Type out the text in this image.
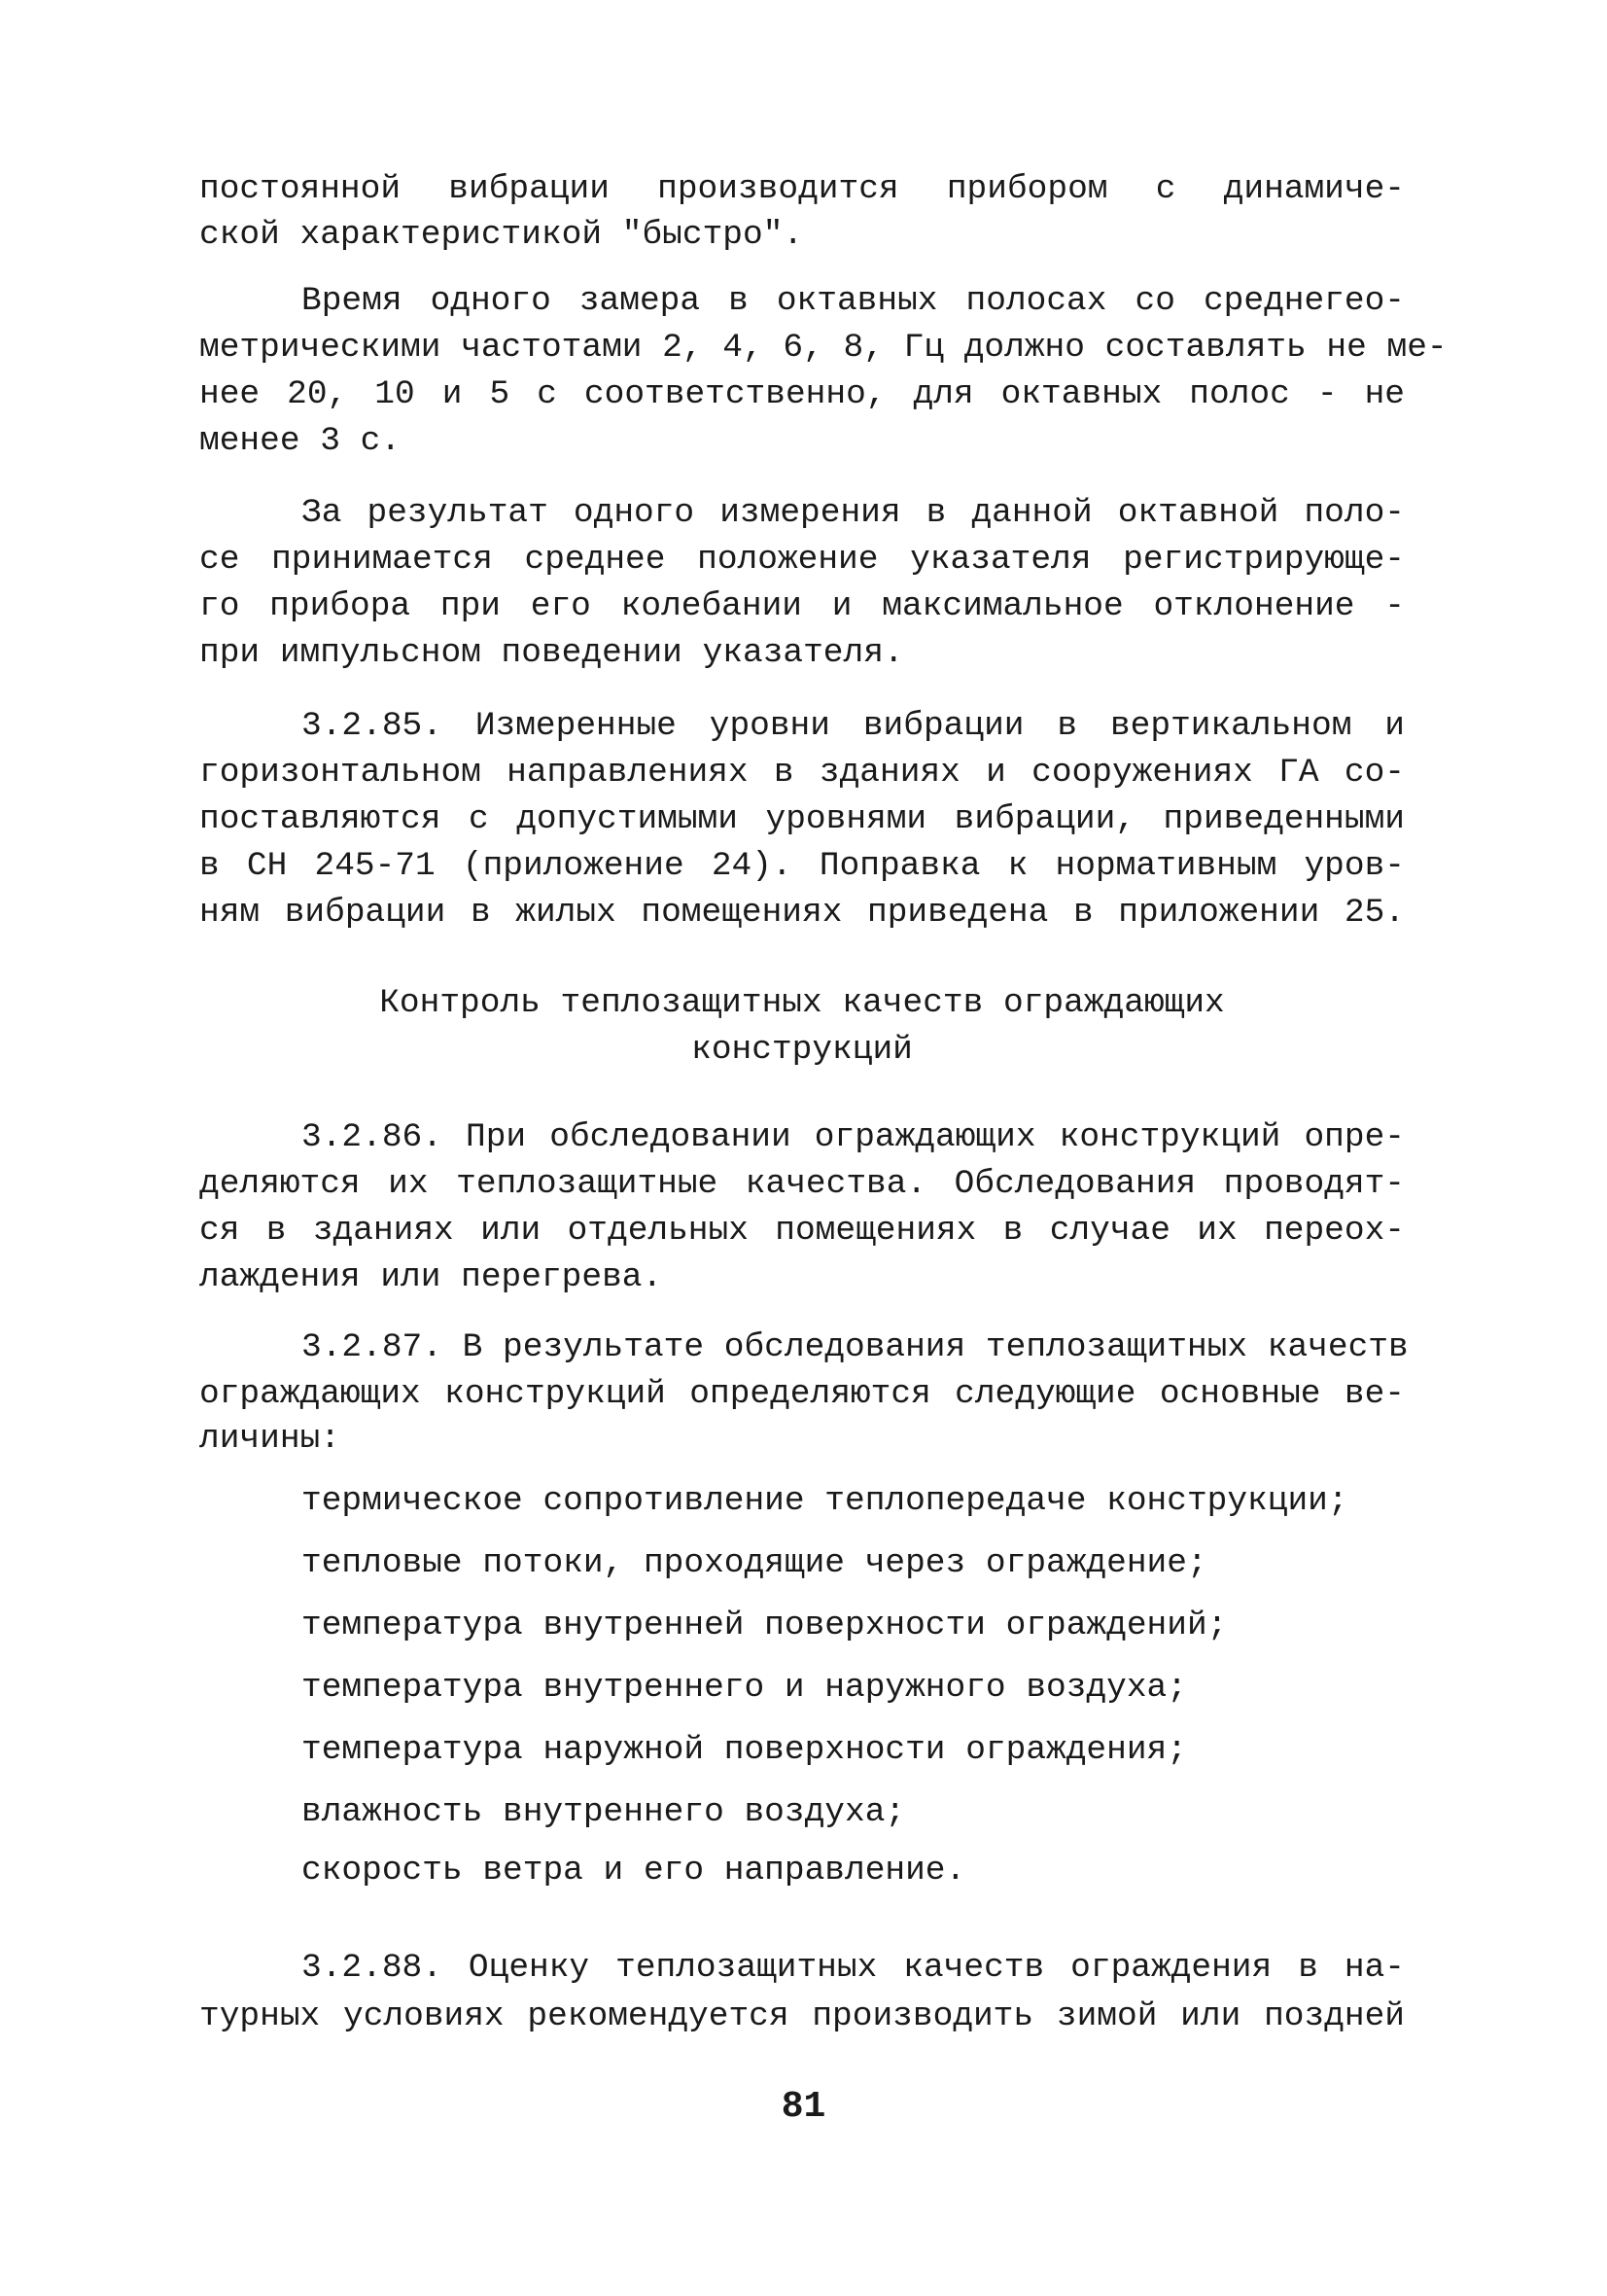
постоянной вибрации производится прибором с динамиче-
ской характеристикой "быстро".
Время одного замера в октавных полосах со среднегео-
метрическими частотами 2, 4, 6, 8, Гц должно составлять не ме-
нее 20, 10 и 5 с соответственно, для октавных полос - не
менее 3 с.
За результат одного измерения в данной октавной поло-
се принимается среднее положение указателя регистрирующе-
го прибора при его колебании и максимальное отклонение -
при импульсном поведении указателя.
3.2.85. Измеренные уровни вибрации в вертикальном и
горизонтальном направлениях в зданиях и сооружениях ГА со-
поставляются с допустимыми уровнями вибрации, приведенными
в СН 245-71 (приложение 24). Поправка к нормативным уров-
ням вибрации в жилых помещениях приведена в приложении 25.
Контроль теплозащитных качеств ограждающих
конструкций
3.2.86. При обследовании ограждающих конструкций опре-
деляются их теплозащитные качества. Обследования проводят-
ся в зданиях или отдельных помещениях в случае их переох-
лаждения или перегрева.
3.2.87. В результате обследования теплозащитных качеств
ограждающих конструкций определяются следующие основные ве-
личины:
термическое сопротивление теплопередаче конструкции;
тепловые потоки, проходящие через ограждение;
температура внутренней поверхности ограждений;
температура внутреннего и наружного воздуха;
температура наружной поверхности ограждения;
влажность внутреннего воздуха;
скорость ветра и его направление.
3.2.88. Оценку теплозащитных качеств ограждения в на-
турных условиях рекомендуется производить зимой или поздней
81
